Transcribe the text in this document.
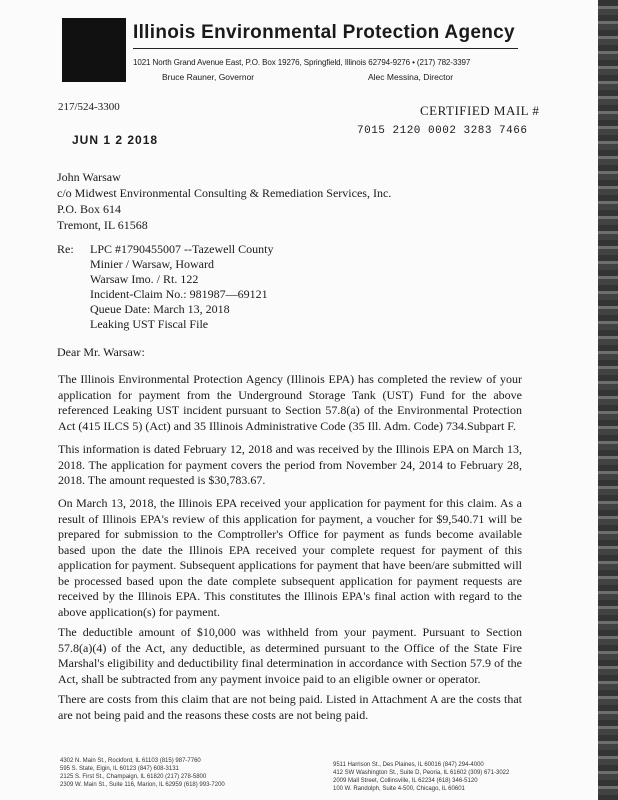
Illinois Environmental Protection Agency
1021 North Grand Avenue East, P.O. Box 19276, Springfield, Illinois 62794-9276 • (217) 782-3397
Bruce Rauner, Governor	Alec Messina, Director
217/524-3300	CERTIFIED MAIL #
7015 2120 0002 3283 7466
JUN 1 2 2018
John Warsaw
c/o Midwest Environmental Consulting & Remediation Services, Inc.
P.O. Box 614
Tremont, IL 61568
Re: LPC #1790455007 --Tazewell County
Minier / Warsaw, Howard
Warsaw Imo. / Rt. 122
Incident-Claim No.: 981987—69121
Queue Date: March 13, 2018
Leaking UST Fiscal File
Dear Mr. Warsaw:
The Illinois Environmental Protection Agency (Illinois EPA) has completed the review of your application for payment from the Underground Storage Tank (UST) Fund for the above referenced Leaking UST incident pursuant to Section 57.8(a) of the Environmental Protection Act (415 ILCS 5) (Act) and 35 Illinois Administrative Code (35 Ill. Adm. Code) 734.Subpart F.
This information is dated February 12, 2018 and was received by the Illinois EPA on March 13, 2018. The application for payment covers the period from November 24, 2014 to February 28, 2018. The amount requested is $30,783.67.
On March 13, 2018, the Illinois EPA received your application for payment for this claim. As a result of Illinois EPA's review of this application for payment, a voucher for $9,540.71 will be prepared for submission to the Comptroller's Office for payment as funds become available based upon the date the Illinois EPA received your complete request for payment of this application for payment. Subsequent applications for payment that have been/are submitted will be processed based upon the date complete subsequent application for payment requests are received by the Illinois EPA. This constitutes the Illinois EPA's final action with regard to the above application(s) for payment.
The deductible amount of $10,000 was withheld from your payment. Pursuant to Section 57.8(a)(4) of the Act, any deductible, as determined pursuant to the Office of the State Fire Marshal's eligibility and deductibility final determination in accordance with Section 57.9 of the Act, shall be subtracted from any payment invoice paid to an eligible owner or operator.
There are costs from this claim that are not being paid. Listed in Attachment A are the costs that are not being paid and the reasons these costs are not being paid.
4302 N. Main St., Rockford, IL 61103 (815) 987-7760
595 S. State, Elgin, IL 60123 (847) 608-3131
2125 S. First St., Champaign, IL 61820 (217) 278-5800
2309 W. Main St., Suite 116, Marion, IL 62959 (618) 993-7200
9511 Harrison St., Des Plaines, IL 60016 (847) 294-4000
412 SW Washington St., Suite D, Peoria, IL 61602 (309) 671-3022
2009 Mall Street, Collinsville, IL 62234 (618) 346-5120
100 W. Randolph, Suite 4-500, Chicago, IL 60601
